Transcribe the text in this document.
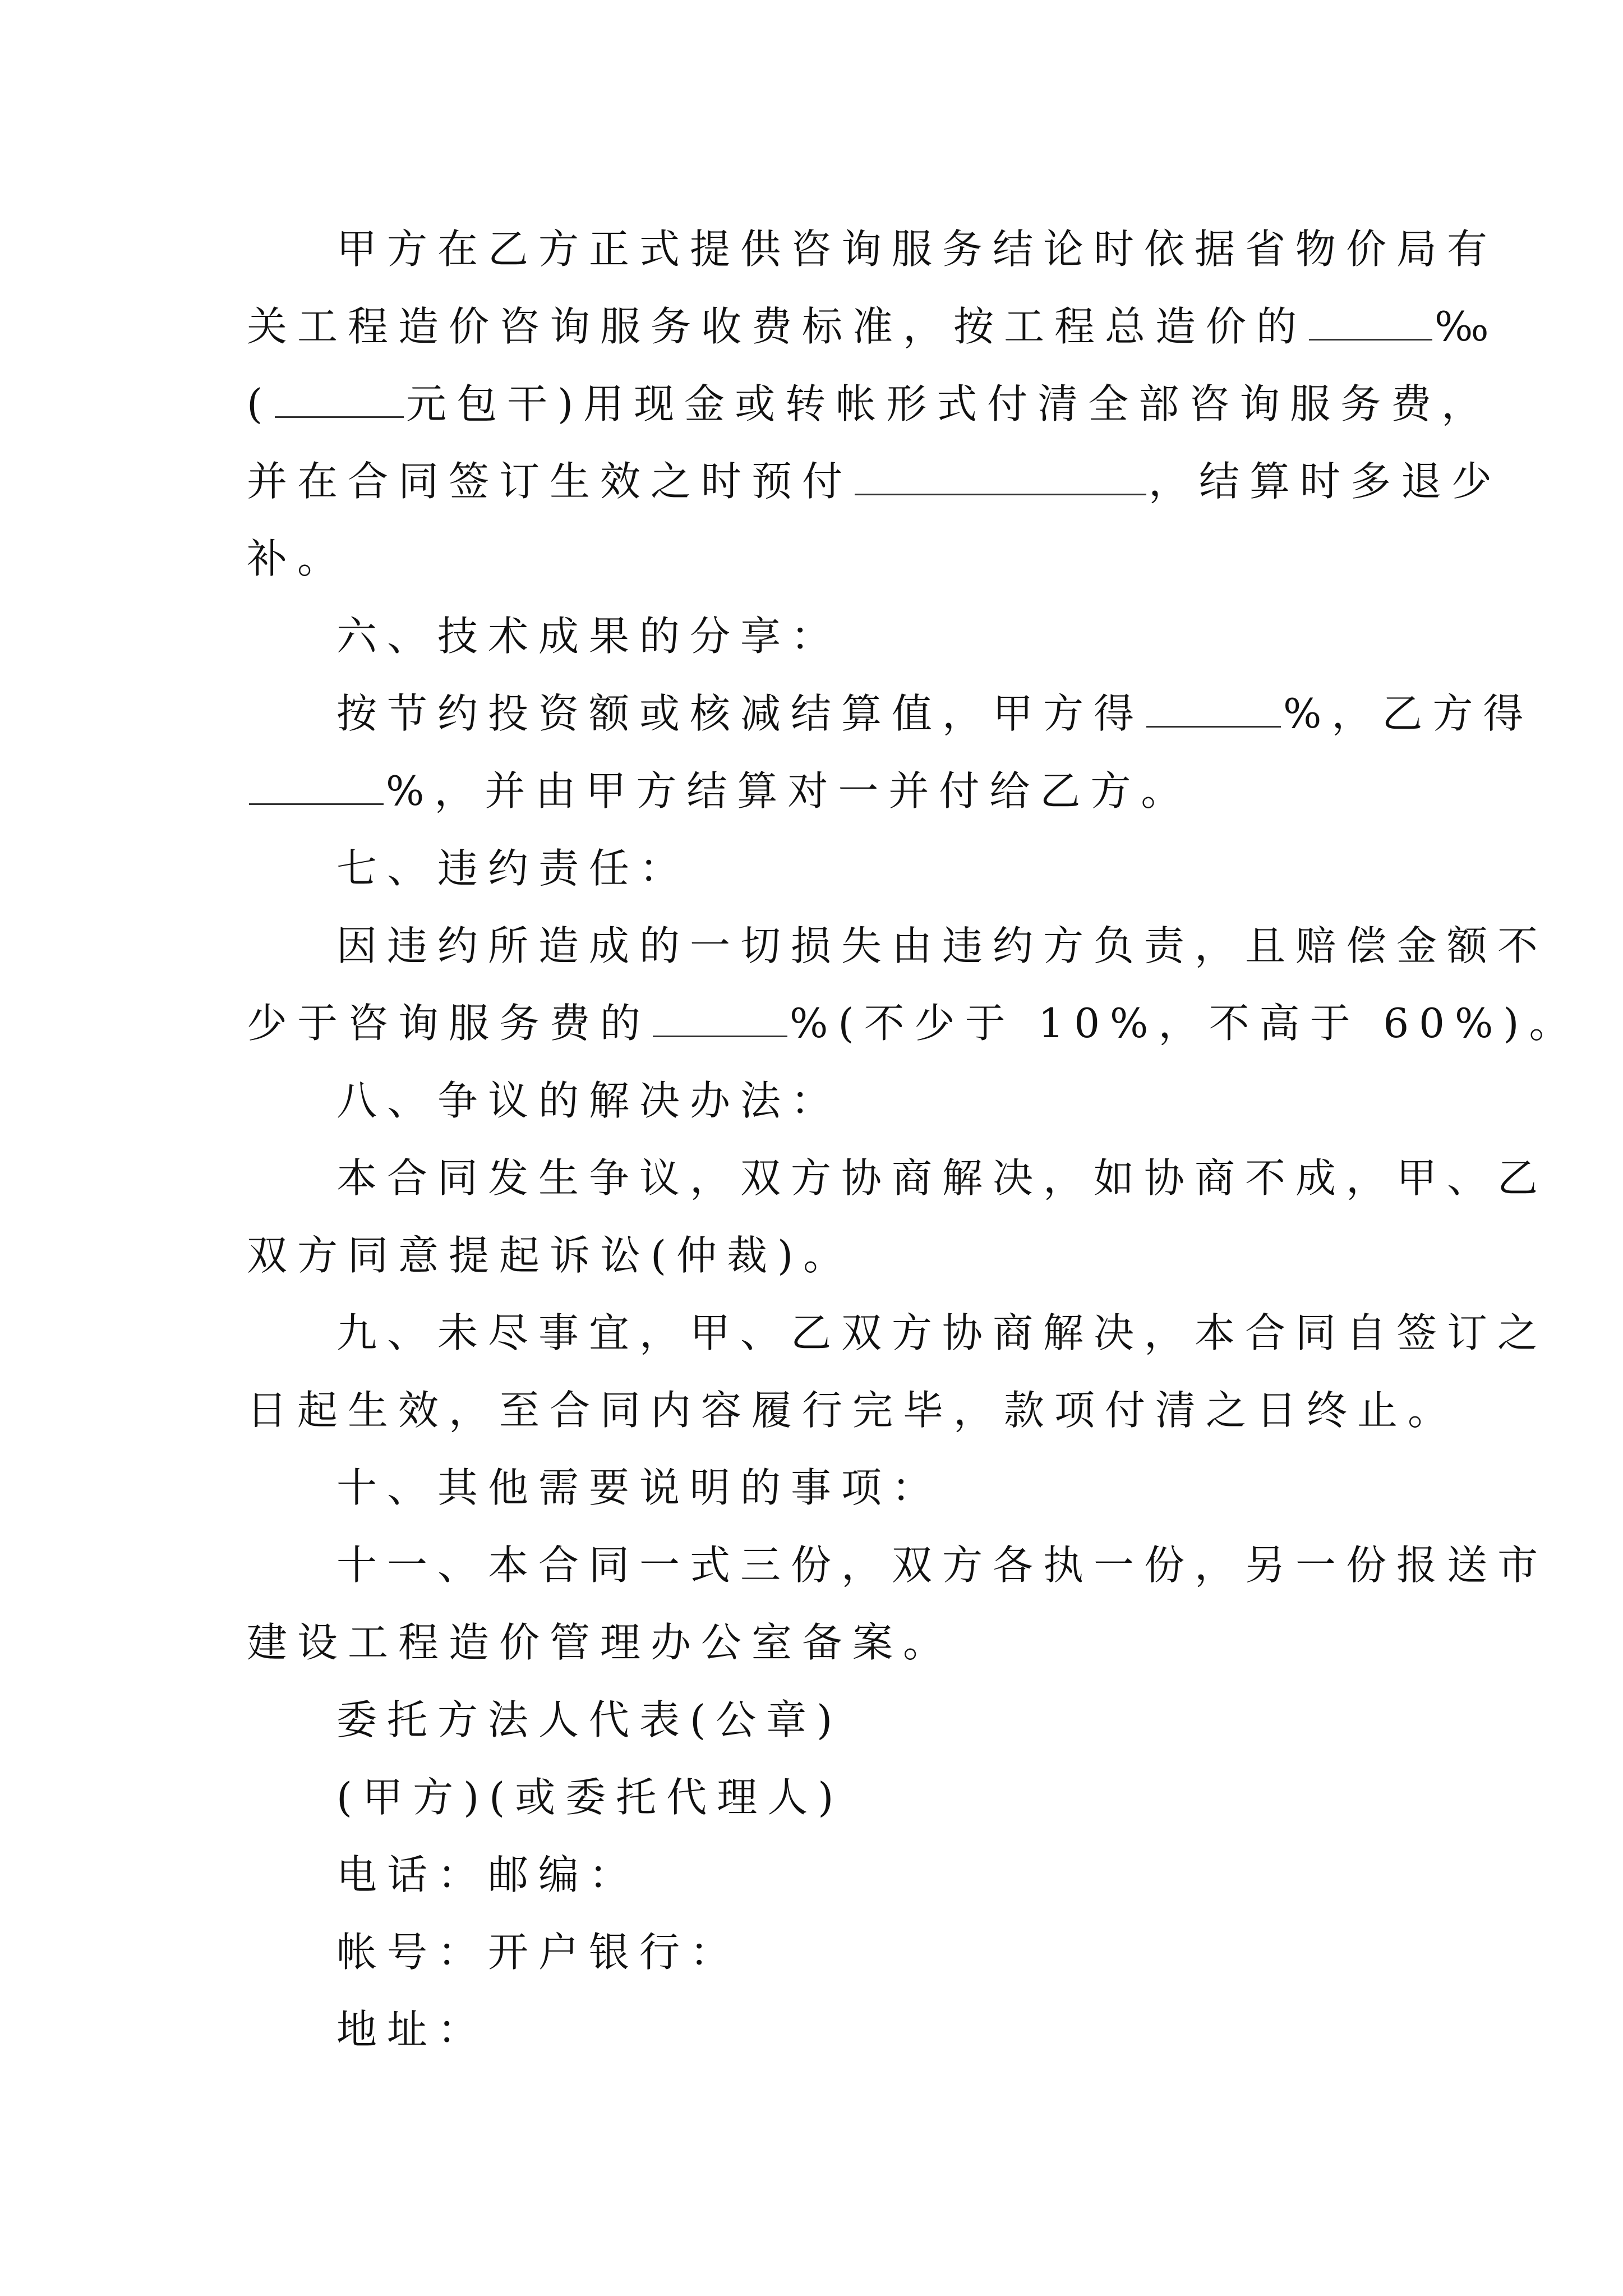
甲方在乙方正式提供咨询服务结论时依据省物价局有
关工程造价咨询服务收费标准，按工程总造价的	‰
(	元包干)用现金或转帐形式付清全部咨询服务费，
并在合同签订生效之时预付	，结算时多退少
补。
六、技术成果的分享：
按节约投资额或核减结算值，甲方得	%，乙方得
%，并由甲方结算对一并付给乙方。
七、违约责任：
因违约所造成的一切损失由违约方负责，且赔偿金额不
少于咨询服务费的	%(不少于 10%，不高于 60%)。
八、争议的解决办法：
本合同发生争议，双方协商解决，如协商不成，甲、乙
双方同意提起诉讼(仲裁)。
九、未尽事宜，甲、乙双方协商解决，本合同自签订之
日起生效，至合同内容履行完毕，款项付清之日终止。
十、其他需要说明的事项：
十一、本合同一式三份，双方各执一份，另一份报送市
建设工程造价管理办公室备案。
委托方法人代表(公章)
(甲方)(或委托代理人)
电话：邮编：
帐号：开户银行：
地址：
